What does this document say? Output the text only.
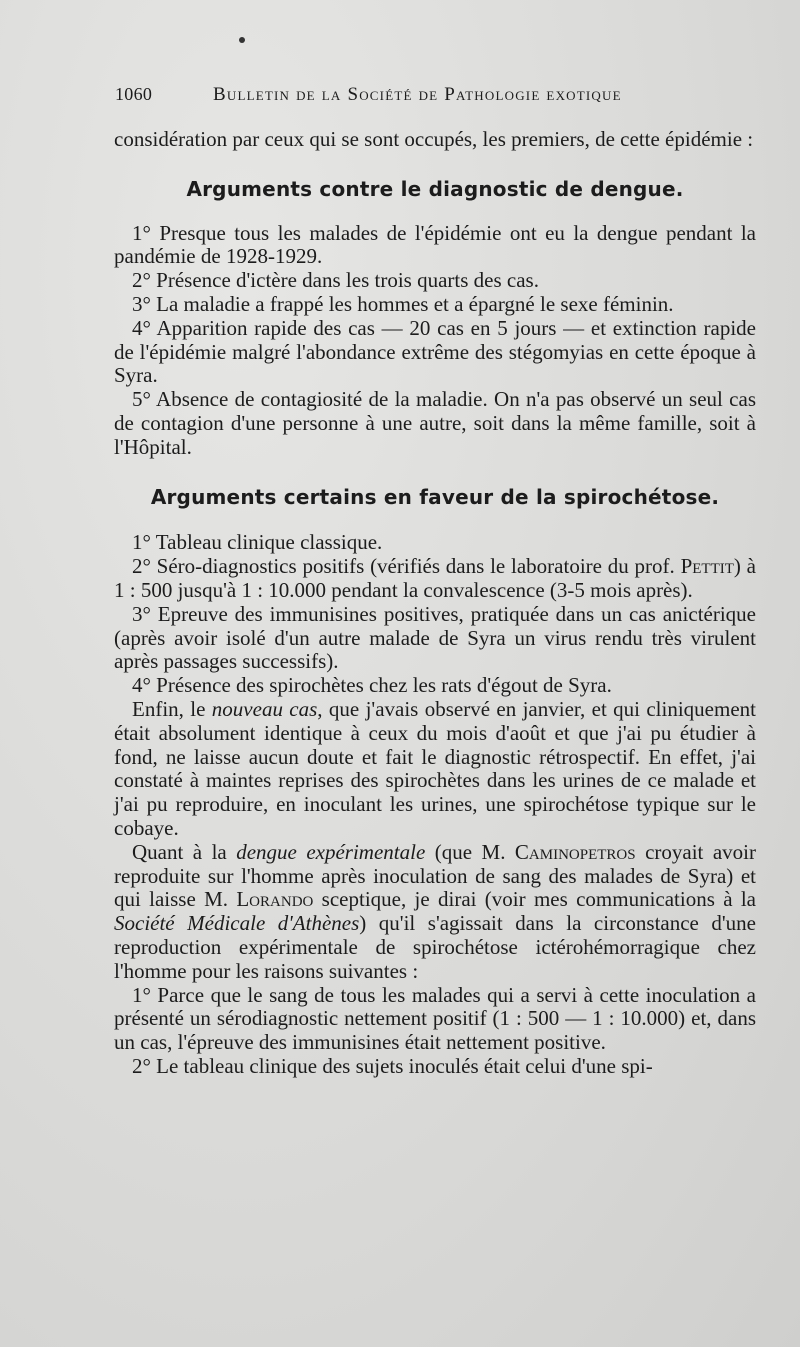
1060	Bulletin de la Société de Pathologie exotique

considération par ceux qui se sont occupés, les premiers, de cette épidémie :

Arguments contre le diagnostic de dengue.

1° Presque tous les malades de l'épidémie ont eu la dengue pendant la pandémie de 1928-1929.

2° Présence d'ictère dans les trois quarts des cas.

3° La maladie a frappé les hommes et a épargné le sexe féminin.

4° Apparition rapide des cas — 20 cas en 5 jours — et extinction rapide de l'épidémie malgré l'abondance extrême des stégomyias en cette époque à Syra.

5° Absence de contagiosité de la maladie. On n'a pas observé un seul cas de contagion d'une personne à une autre, soit dans la même famille, soit à l'Hôpital.

Arguments certains en faveur de la spirochétose.

1° Tableau clinique classique.

2° Séro-diagnostics positifs (vérifiés dans le laboratoire du prof. Pettit) à 1 : 500 jusqu'à 1 : 10.000 pendant la convalescence (3-5 mois après).

3° Epreuve des immunisines positives, pratiquée dans un cas anictérique (après avoir isolé d'un autre malade de Syra un virus rendu très virulent après passages successifs).

4° Présence des spirochètes chez les rats d'égout de Syra.

Enfin, le nouveau cas, que j'avais observé en janvier, et qui cliniquement était absolument identique à ceux du mois d'août et que j'ai pu étudier à fond, ne laisse aucun doute et fait le diagnostic rétrospectif. En effet, j'ai constaté à maintes reprises des spirochètes dans les urines de ce malade et j'ai pu reproduire, en inoculant les urines, une spirochétose typique sur le cobaye.

Quant à la dengue expérimentale (que M. Caminopetros croyait avoir reproduite sur l'homme après inoculation de sang des malades de Syra) et qui laisse M. Lorando sceptique, je dirai (voir mes communications à la Société Médicale d'Athènes) qu'il s'agissait dans la circonstance d'une reproduction expérimentale de spirochétose ictérohémorragique chez l'homme pour les raisons suivantes :

1° Parce que le sang de tous les malades qui a servi à cette inoculation a présenté un sérodiagnostic nettement positif (1 : 500 — 1 : 10.000) et, dans un cas, l'épreuve des immunisines était nettement positive.

2° Le tableau clinique des sujets inoculés était celui d'une spi-
